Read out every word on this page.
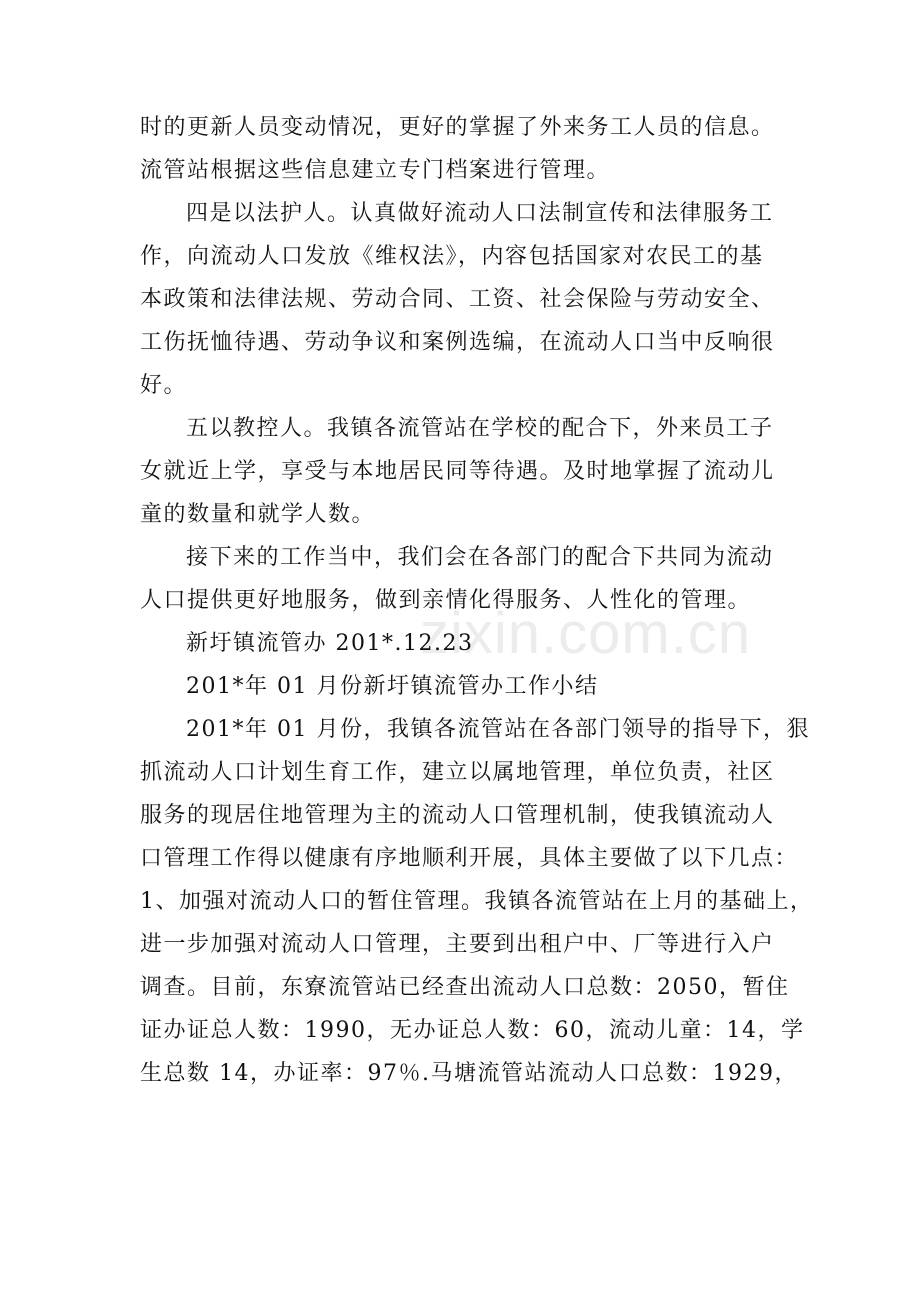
zixin.com.cn
时的更新人员变动情况，更好的掌握了外来务工人员的信息。
流管站根据这些信息建立专门档案进行管理。
四是以法护人。认真做好流动人口法制宣传和法律服务工
作，向流动人口发放《维权法》，内容包括国家对农民工的基
本政策和法律法规、劳动合同、工资、社会保险与劳动安全、
工伤抚恤待遇、劳动争议和案例选编，在流动人口当中反响很
好。
五以教控人。我镇各流管站在学校的配合下，外来员工子
女就近上学，享受与本地居民同等待遇。及时地掌握了流动儿
童的数量和就学人数。
接下来的工作当中，我们会在各部门的配合下共同为流动
人口提供更好地服务，做到亲情化得服务、人性化的管理。
新圩镇流管办 201*.12.23
201*年 01 月份新圩镇流管办工作小结
201*年 01 月份，我镇各流管站在各部门领导的指导下，狠
抓流动人口计划生育工作，建立以属地管理，单位负责，社区
服务的现居住地管理为主的流动人口管理机制，使我镇流动人
口管理工作得以健康有序地顺利开展，具体主要做了以下几点：
1、加强对流动人口的暂住管理。我镇各流管站在上月的基础上，
进一步加强对流动人口管理，主要到出租户中、厂等进行入户
调查。目前，东寮流管站已经查出流动人口总数：2050，暂住
证办证总人数：1990，无办证总人数：60，流动儿童：14，学
生总数 14，办证率：97％.马塘流管站流动人口总数：1929，
